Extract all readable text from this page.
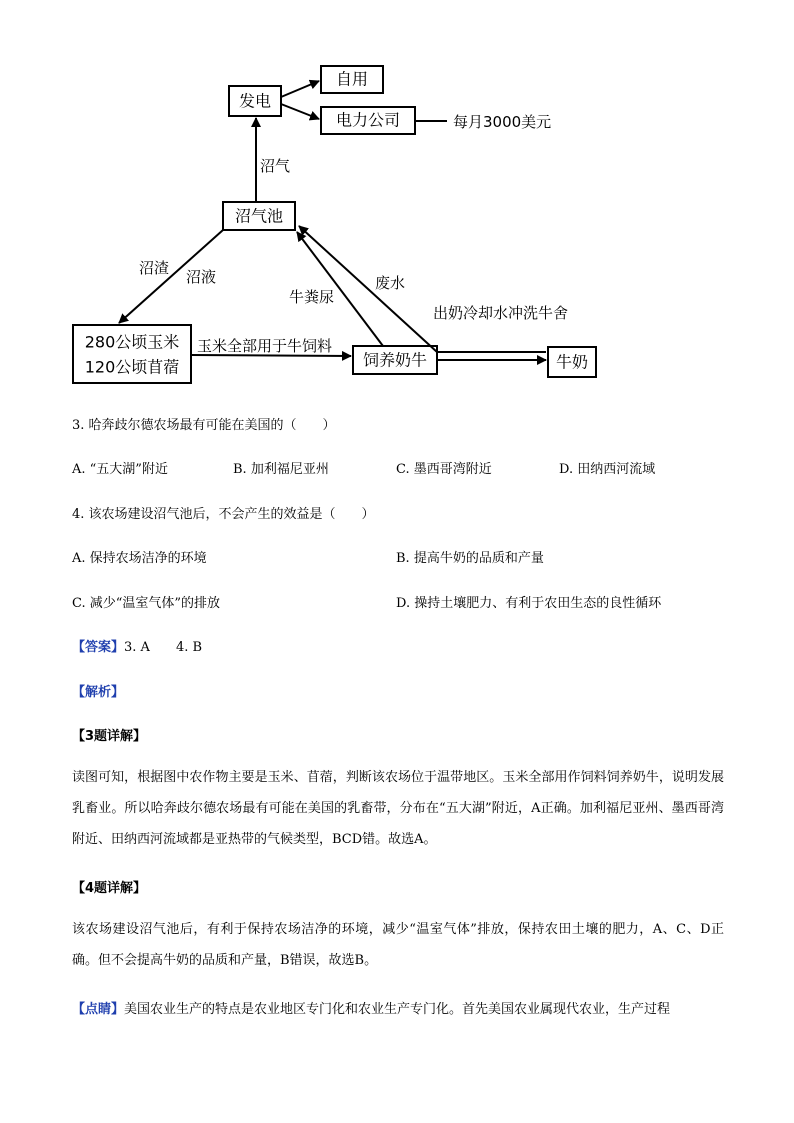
发电
自用
电力公司
沼气池
280公顷玉米
120公顷苜蓿	饲养奶牛	牛奶
每月3000美元
沼气
沼渣 沼液
牛粪尿
废水
出奶冷却水冲洗牛舍
玉米全部用于牛饲料
3. 哈奔歧尔德农场最有可能在美国的（　　）
A. “五大湖”附近	B. 加利福尼亚州	C. 墨西哥湾附近	D. 田纳西河流域
4. 该农场建设沼气池后，不会产生的效益是（　　）
A. 保持农场洁净的环境	B. 提高牛奶的品质和产量
C. 减少“温室气体”的排放	D. 操持土壤肥力、有利于农田生态的良性循环
【答案】3. A　　4. B
【解析】
【3题详解】
读图可知，根据图中农作物主要是玉米、苜蓿，判断该农场位于温带地区。玉米全部用作饲料饲养奶牛，说明发展乳畜业。所以哈奔歧尔德农场最有可能在美国的乳畜带，分布在“五大湖”附近，A正确。加利福尼亚州、墨西哥湾附近、田纳西河流域都是亚热带的气候类型，BCD错。故选A。
【4题详解】
该农场建设沼气池后，有利于保持农场洁净的环境，减少“温室气体”排放，保持农田土壤的肥力，A、C、D正确。但不会提高牛奶的品质和产量，B错误，故选B。
【点睛】美国农业生产的特点是农业地区专门化和农业生产专门化。首先美国农业属现代农业，生产过程
